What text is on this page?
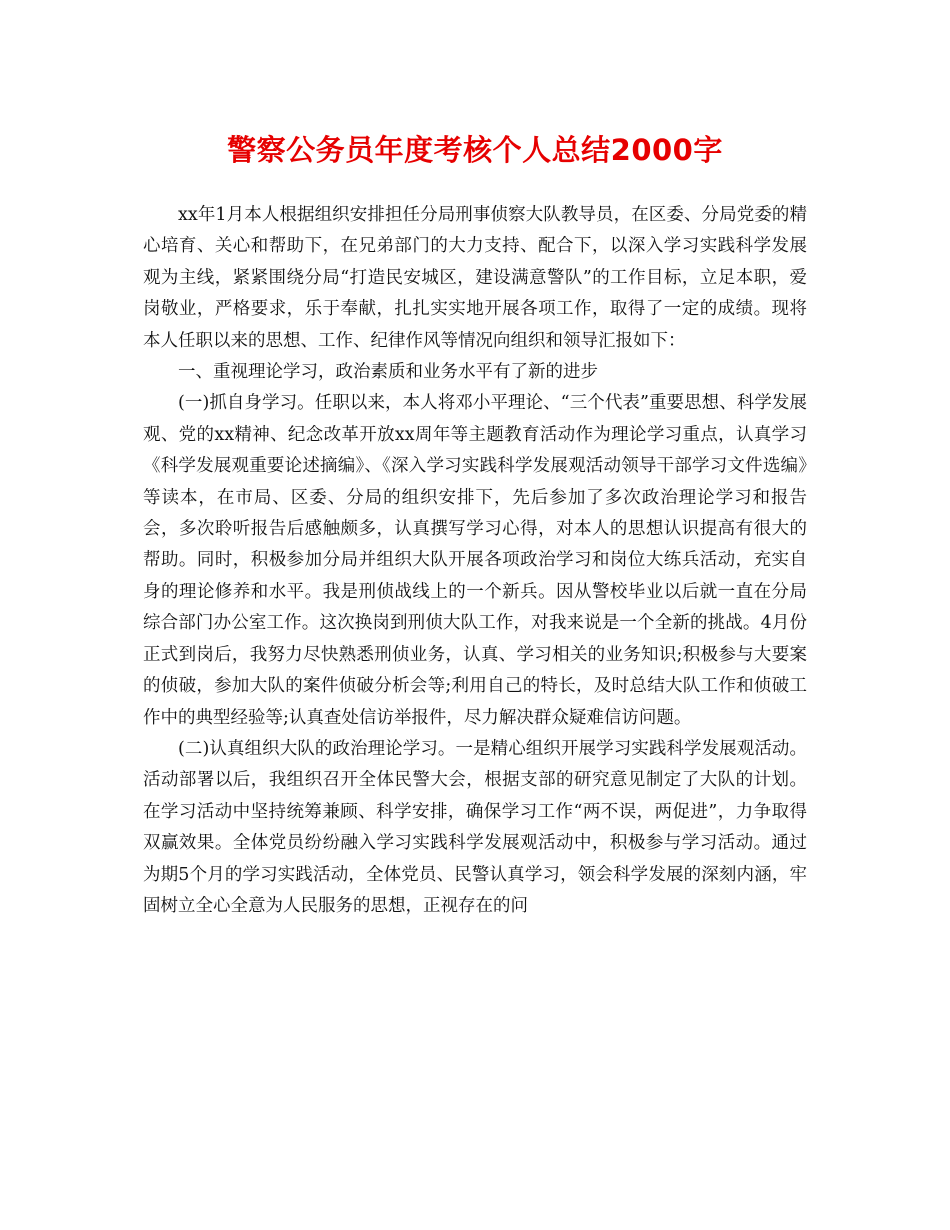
警察公务员年度考核个人总结2000字

xx年1月本人根据组织安排担任分局刑事侦察大队教导员，在区委、分局党委的精心培育、关心和帮助下，在兄弟部门的大力支持、配合下，以深入学习实践科学发展观为主线，紧紧围绕分局“打造民安城区，建设满意警队”的工作目标，立足本职，爱岗敬业，严格要求，乐于奉献，扎扎实实地开展各项工作，取得了一定的成绩。现将本人任职以来的思想、工作、纪律作风等情况向组织和领导汇报如下：

一、重视理论学习，政治素质和业务水平有了新的进步

(一)抓自身学习。任职以来，本人将邓小平理论、“三个代表”重要思想、科学发展观、党的xx精神、纪念改革开放xx周年等主题教育活动作为理论学习重点，认真学习《科学发展观重要论述摘编》、《深入学习实践科学发展观活动领导干部学习文件选编》等读本，在市局、区委、分局的组织安排下，先后参加了多次政治理论学习和报告会，多次聆听报告后感触颇多，认真撰写学习心得，对本人的思想认识提高有很大的帮助。同时，积极参加分局并组织大队开展各项政治学习和岗位大练兵活动，充实自身的理论修养和水平。我是刑侦战线上的一个新兵。因从警校毕业以后就一直在分局综合部门办公室工作。这次换岗到刑侦大队工作，对我来说是一个全新的挑战。4月份正式到岗后，我努力尽快熟悉刑侦业务，认真、学习相关的业务知识;积极参与大要案的侦破，参加大队的案件侦破分析会等;利用自己的特长，及时总结大队工作和侦破工作中的典型经验等;认真查处信访举报件，尽力解决群众疑难信访问题。

(二)认真组织大队的政治理论学习。一是精心组织开展学习实践科学发展观活动。活动部署以后，我组织召开全体民警大会，根据支部的研究意见制定了大队的计划。在学习活动中坚持统筹兼顾、科学安排，确保学习工作“两不误，两促进”，力争取得双赢效果。全体党员纷纷融入学习实践科学发展观活动中，积极参与学习活动。通过为期5个月的学习实践活动，全体党员、民警认真学习，领会科学发展的深刻内涵，牢固树立全心全意为人民服务的思想，正视存在的问
